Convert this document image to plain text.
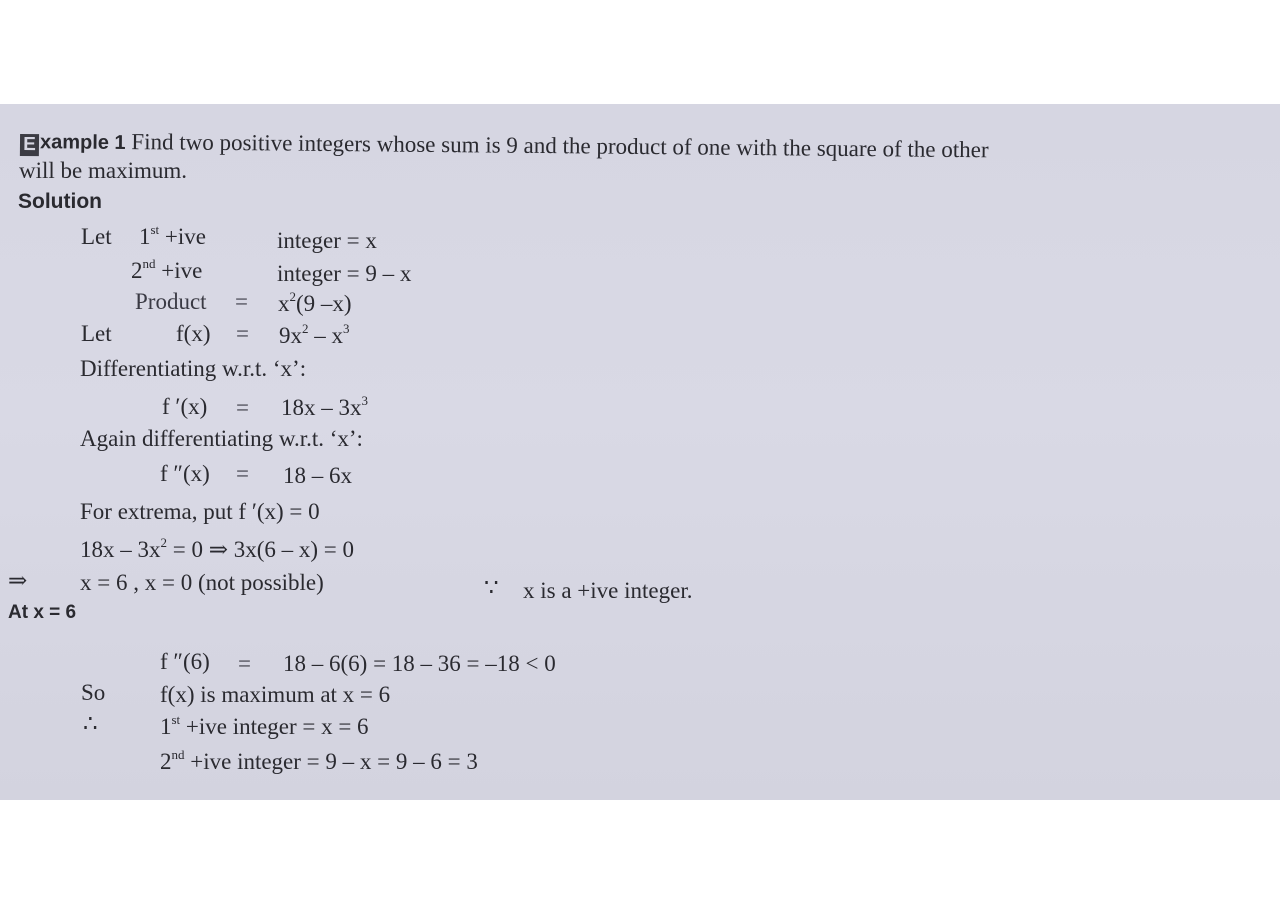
E xample 1 Find two positive integers whose sum is 9 and the product of one with the square of the other
will be maximum.
Solution
Let 1st +ive	integer = x
2nd +ive	integer = 9 – x
Product = $x^2(9$ –x)
Let	$f(x) = 9x^2 - x^3$
Differentiating w.r.t. ‘x’:
f $'(x) = 18x - 3x^3$
Again differentiating w.r.t. ‘x’:
f ″(x) = 18 – 6x
For extrema, put f ′(x) = 0
$18x - 3x^2 = 0$ ⇒ 3x(6 – x) = 0
⇒ x = 6 , x = 0 (not possible)	∵ x is a +ive integer.
At x = 6
f ″(6) = 18 – 6(6) = 18 – 36 = –18 < 0
So f(x) is maximum at x = 6
∴	1st +ive integer = x = 6
2nd +ive integer = 9 – x = 9 – 6 = 3
